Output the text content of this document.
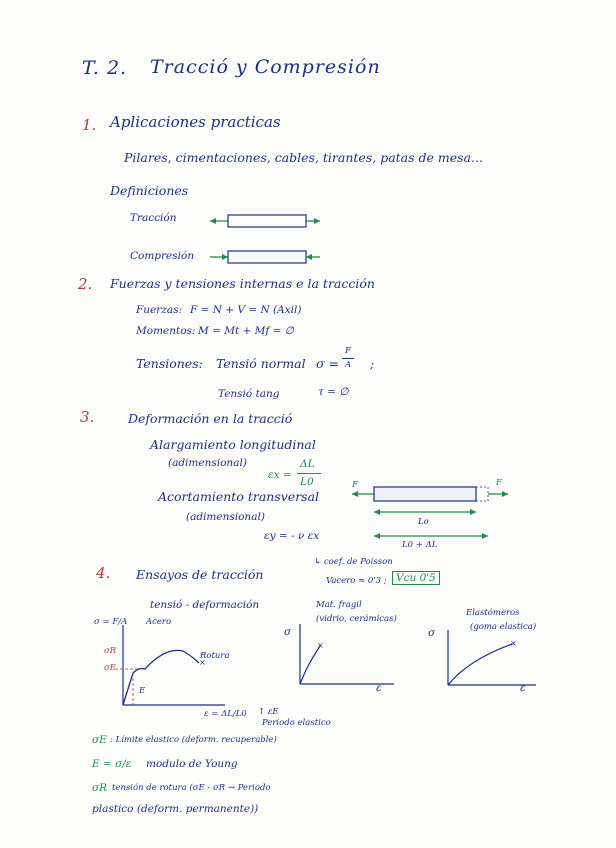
T. 2. Tracció y Compresión
1. Aplicaciones practicas
Pilares, cimentaciones, cables, tirantes, patas de mesa...
Definiciones
Tracción
Compresión
2. Fuerzas y tensiones internas e la tracción
Fuerzas: F = N + V = N (Axil)
Momentos: M = Mt + Mf = ∅
Tensiones: Tensió normal σ =
F
A ;
Tensió tang	τ = ∅
3.	Deformación en la tracció
Alargamiento longitudinal
(adimensional)
εx =
ΔL
L0
Acortamiento transversal
(adimensional)
εy = - ν εx
↳ coef. de Poisson
Vacero ≈ 0'3 ; Vcu 0'5
F	F
Lo
L0 + ΔL
4. Ensayos de tracción
tensió - deformación
σ = F/A Acero
Rotura
σR
σE
E
ε = ΔL/L0 ↑ εE
Periodo elastico
×
Mat. fragil
(vidrio, cerámicas)
σ
ε
×
Elastómeros
(goma elastica)
σ
ε
×
σE : Límite elastico (deform. recuperable)
E = σ/ε modulo de Young
σR tensión de rotura (σE - σR → Periodo
plastico (deform. permanente))
